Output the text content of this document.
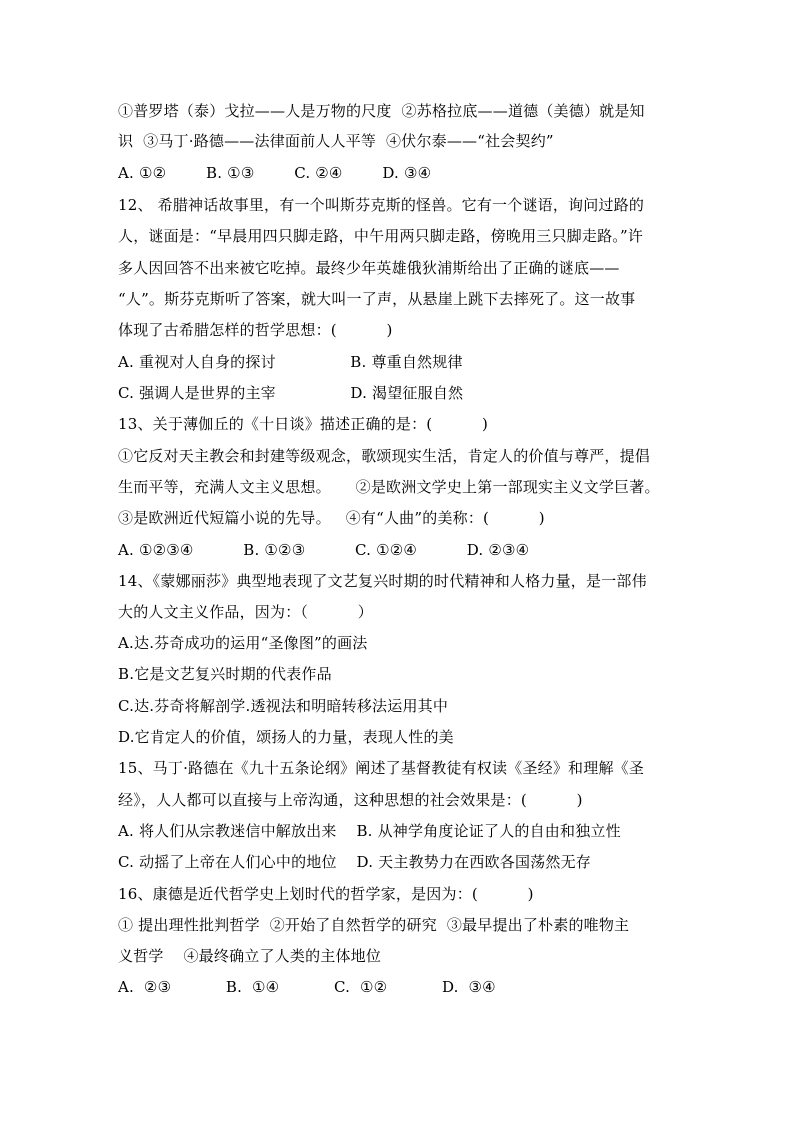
①普罗塔（泰）戈拉——人是万物的尺度  ②苏格拉底——道德（美德）就是知
识  ③马丁·路德——法律面前人人平等  ④伏尔泰——“社会契约”
A. ①②        B. ①③        C. ②④        D. ③④
12、 希腊神话故事里，有一个叫斯芬克斯的怪兽。它有一个谜语，询问过路的
人，谜面是：“早晨用四只脚走路，中午用两只脚走路，傍晚用三只脚走路。”许
多人因回答不出来被它吃掉。最终少年英雄俄狄浦斯给出了正确的谜底——
“人”。斯芬克斯听了答案，就大叫一了声，从悬崖上跳下去摔死了。这一故事
体现了古希腊怎样的哲学思想：(          )
A. 重视对人自身的探讨               B. 尊重自然规律
C. 强调人是世界的主宰               D. 渴望征服自然
13、关于薄伽丘的《十日谈》描述正确的是：(          )
①它反对天主教会和封建等级观念，歌颂现实生活，肯定人的价值与尊严，提倡
生而平等，充满人文主义思想。     ②是欧洲文学史上第一部现实主义文学巨著。
③是欧洲近代短篇小说的先导。   ④有“人曲”的美称：(          )
A. ①②③④          B. ①②③          C. ①②④          D. ②③④
14、《蒙娜丽莎》典型地表现了文艺复兴时期的时代精神和人格力量，是一部伟
大的人文主义作品，因为：（          ）
A.达.芬奇成功的运用“圣像图”的画法
B.它是文艺复兴时期的代表作品
C.达.芬奇将解剖学.透视法和明暗转移法运用其中
D.它肯定人的价值，颂扬人的力量，表现人性的美
15、马丁·路德在《九十五条论纲》阐述了基督教徒有权读《圣经》和理解《圣
经》，人人都可以直接与上帝沟通，这种思想的社会效果是：(          )
A. 将人们从宗教迷信中解放出来    B. 从神学角度论证了人的自由和独立性
C. 动摇了上帝在人们心中的地位    D. 天主教势力在西欧各国荡然无存
16、康德是近代哲学史上划时代的哲学家，是因为：(          )
① 提出理性批判哲学  ②开始了自然哲学的研究  ③最早提出了朴素的唯物主
义哲学    ④最终确立了人类的主体地位
A.  ②③           B.  ①④           C.  ①②           D.  ③④
